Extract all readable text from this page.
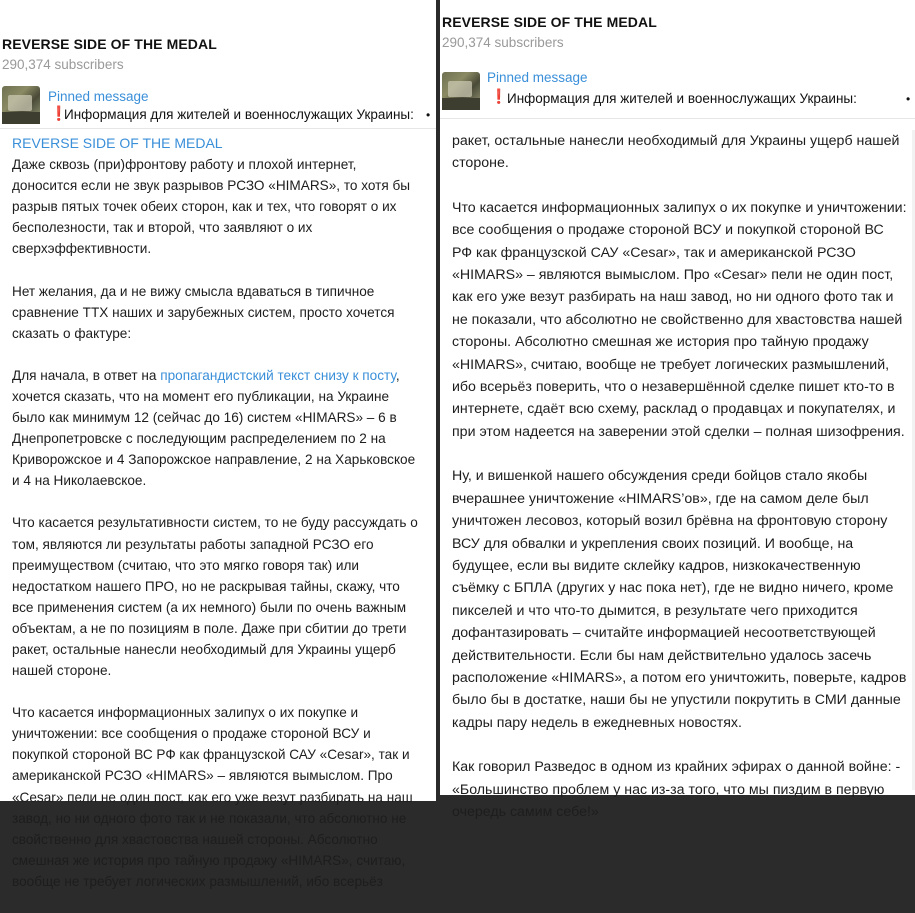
REVERSE SIDE OF THE MEDAL
290,374 subscribers
Pinned message
❗
Информация для жителей и военнослужащих Украины: •
REVERSE SIDE OF THE MEDAL

Даже сквозь (при)фронтову работу и плохой интернет, доносится если не звук разрывов РСЗО «HIMARS», то хотя бы разрыв пятых точек обеих сторон, как и тех, что говорят о их бесполезности, так и второй, что заявляют о их сверхэффективности.

Нет желания, да и не вижу смысла вдаваться в типичное сравнение ТТХ наших и зарубежных систем, просто хочется сказать о фактуре:

Для начала, в ответ на пропагандистский текст снизу к посту, хочется сказать, что на момент его публикации, на Украине было как минимум 12 (сейчас до 16) систем «HIMARS» – 6 в Днепропетровске с последующим распределением по 2 на Криворожское и 4 Запорожское направление, 2 на Харьковское и 4 на Николаевское.

Что касается результативности систем, то не буду рассуждать о том, являются ли результаты работы западной РСЗО его преимуществом (считаю, что это мягко говоря так) или недостатком нашего ПРО, но не раскрывая тайны, скажу, что все применения систем (а их немного) были по очень важным объектам, а не по позициям в поле. Даже при сбитии до трети ракет, остальные нанесли необходимый для Украины ущерб нашей стороне.

Что касается информационных залипух о их покупке и уничтожении: все сообщения о продаже стороной ВСУ и покупкой стороной ВС РФ как французской САУ «Cesar», так и американской РСЗО «HIMARS» – являются вымыслом. Про «Cesar» пели не один пост, как его уже везут разбирать на наш завод, но ни одного фото так и не показали, что абсолютно не свойственно для хвастовства нашей стороны. Абсолютно смешная же история про тайную продажу «HIMARS», считаю, вообще не требует логических размышлений, ибо всерьёз

REVERSE SIDE OF THE MEDAL
290,374 subscribers
Pinned message
❗ Информация для жителей и военнослужащих Украины:	•

ракет, остальные нанесли необходимый для Украины ущерб нашей стороне.

Что касается информационных залипух о их покупке и уничтожении: все сообщения о продаже стороной ВСУ и покупкой стороной ВС РФ как французской САУ «Cesar», так и американской РСЗО «HIMARS» – являются вымыслом. Про «Cesar» пели не один пост, как его уже везут разбирать на наш завод, но ни одного фото так и не показали, что абсолютно не свойственно для хвастовства нашей стороны. Абсолютно смешная же история про тайную продажу «HIMARS», считаю, вообще не требует логических размышлений, ибо всерьёз поверить, что о незавершённой сделке пишет кто-то в интернете, сдаёт всю схему, расклад о продавцах и покупателях, и при этом надеется на заверении этой сделки – полная шизофрения.

Ну, и вишенкой нашего обсуждения среди бойцов стало якобы вчерашнее уничтожение «HIMARS’ов», где на самом деле был уничтожен лесовоз, который возил брёвна на фронтовую сторону ВСУ для обвалки и укрепления своих позиций. И вообще, на будущее, если вы видите склейку кадров, низкокачественную съёмку с БПЛА (других у нас пока нет), где не видно ничего, кроме пикселей и что что-то дымится, в результате чего приходится дофантазировать – считайте информацией несоответствующей действительности. Если бы нам действительно удалось засечь расположение «HIMARS», а потом его уничтожить, поверьте, кадров было бы в достатке, наши бы не упустили покрутить в СМИ данные кадры пару недель в ежедневных новостях.

Как говорил Разведос в одном из крайних эфирах о данной войне: - «Большинство проблем у нас из-за того, что мы пиздим в первую очередь самим себе!»
